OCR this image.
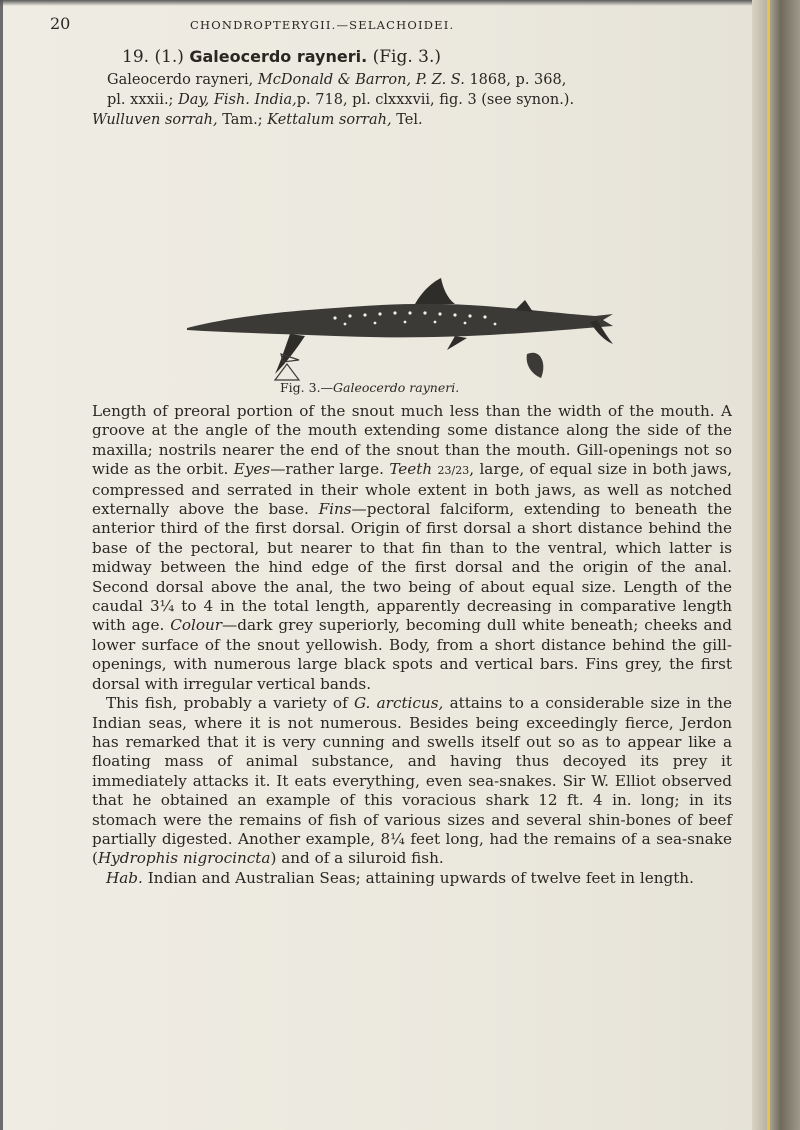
20	CHONDROPTERYGII.—SELACHOIDEI.
19. (1.) Galeocerdo rayneri. (Fig. 3.)

Galeocerdo rayneri, McDonald & Barron, P. Z. S. 1868, p. 368,

pl. xxxii.; Day, Fish. India,p. 718, pl. clxxxvii, fig. 3 (see synon.).

Wulluven sorrah, Tam.; Kettalum sorrah, Tel.

Fig. 3.—Galeocerdo rayneri.

Length of preoral portion of the snout much less than the width of the mouth. A groove at the angle of the mouth extending some distance along the side of the maxilla; nostrils nearer the end of the snout than the mouth. Gill-openings not so wide as the orbit. Eyes—rather large. Teeth 23/23, large, of equal size in both jaws, compressed and serrated in their whole extent in both jaws, as well as notched externally above the base. Fins—pectoral falciform, extending to beneath the anterior third of the first dorsal. Origin of first dorsal a short distance behind the base of the pectoral, but nearer to that fin than to the ventral, which latter is midway between the hind edge of the first dorsal and the origin of the anal. Second dorsal above the anal, the two being of about equal size. Length of the caudal 3¼ to 4 in the total length, apparently decreasing in comparative length with age. Colour—dark grey superiorly, becoming dull white beneath; cheeks and lower surface of the snout yellowish. Body, from a short distance behind the gill-openings, with numerous large black spots and vertical bars. Fins grey, the first dorsal with irregular vertical bands.

This fish, probably a variety of G. arcticus, attains to a considerable size in the Indian seas, where it is not numerous. Besides being exceedingly fierce, Jerdon has remarked that it is very cunning and swells itself out so as to appear like a floating mass of animal substance, and having thus decoyed its prey it immediately attacks it. It eats everything, even sea-snakes. Sir W. Elliot observed that he obtained an example of this voracious shark 12 ft. 4 in. long; in its stomach were the remains of fish of various sizes and several shin-bones of beef partially digested. Another example, 8¼ feet long, had the remains of a sea-snake (Hydrophis nigrocincta) and of a siluroid fish.

Hab. Indian and Australian Seas; attaining upwards of twelve feet in length.
